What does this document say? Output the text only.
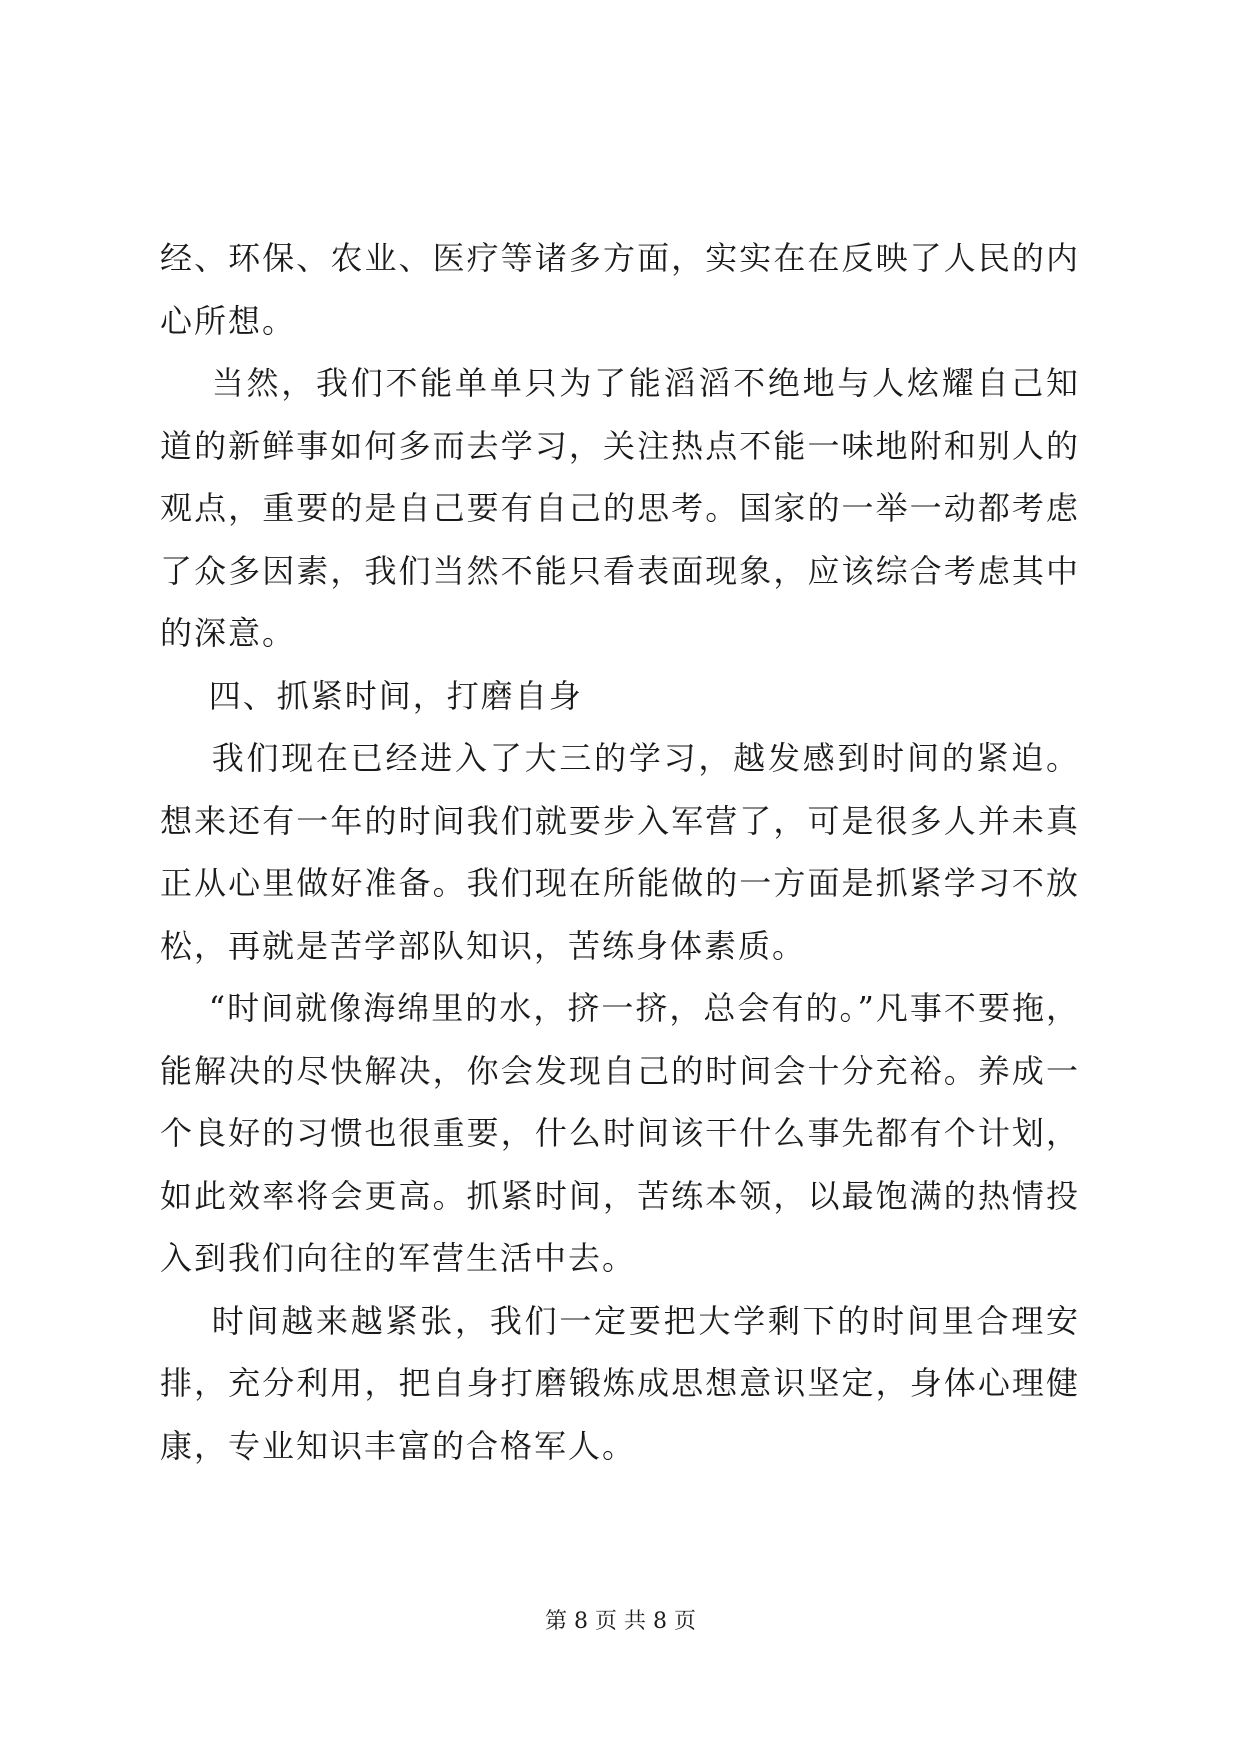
经、环保、农业、医疗等诸多方面，实实在在反映了人民的内心所想。

当然，我们不能单单只为了能滔滔不绝地与人炫耀自己知道的新鲜事如何多而去学习，关注热点不能一味地附和别人的观点，重要的是自己要有自己的思考。国家的一举一动都考虑了众多因素，我们当然不能只看表面现象，应该综合考虑其中的深意。

四、抓紧时间，打磨自身

我们现在已经进入了大三的学习，越发感到时间的紧迫。想来还有一年的时间我们就要步入军营了，可是很多人并未真正从心里做好准备。我们现在所能做的一方面是抓紧学习不放松，再就是苦学部队知识，苦练身体素质。

“时间就像海绵里的水，挤一挤，总会有的。”凡事不要拖，能解决的尽快解决，你会发现自己的时间会十分充裕。养成一个良好的习惯也很重要，什么时间该干什么事先都有个计划，如此效率将会更高。抓紧时间，苦练本领，以最饱满的热情投入到我们向往的军营生活中去。

时间越来越紧张，我们一定要把大学剩下的时间里合理安排，充分利用，把自身打磨锻炼成思想意识坚定，身体心理健康，专业知识丰富的合格军人。

第 8 页 共 8 页
